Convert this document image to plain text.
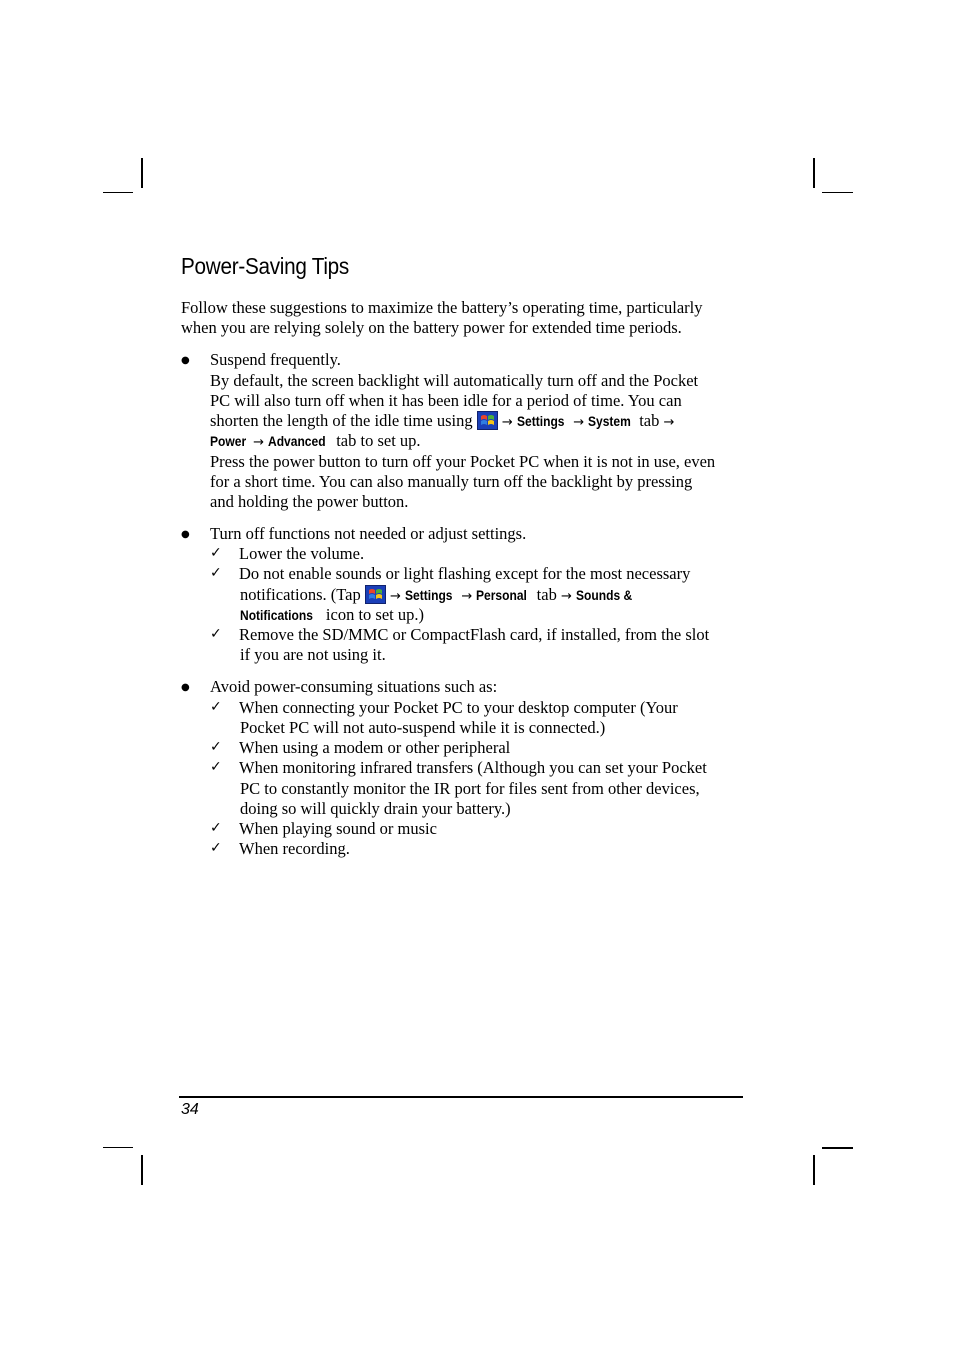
Power-Saving Tips
Follow these suggestions to maximize the battery’s operating time, particularly
when you are relying solely on the battery power for extended time periods.
● Suspend frequently.
By default, the screen backlight will automatically turn off and the Pocket
PC will also turn off when it has been idle for a period of time. You can
shorten the length of the idle time using → Settings → System tab →
Power → Advanced tab to set up.
Press the power button to turn off your Pocket PC when it is not in use, even
for a short time. You can also manually turn off the backlight by pressing
and holding the power button.
● Turn off functions not needed or adjust settings.
✓ Lower the volume.
✓ Do not enable sounds or light flashing except for the most necessary
notifications. (Tap → Settings → Personal tab → Sounds &
Notifications icon to set up.)
✓ Remove the SD/MMC or CompactFlash card, if installed, from the slot
if you are not using it.
● Avoid power-consuming situations such as:
✓ When connecting your Pocket PC to your desktop computer (Your
Pocket PC will not auto-suspend while it is connected.)
✓ When using a modem or other peripheral
✓ When monitoring infrared transfers (Although you can set your Pocket
PC to constantly monitor the IR port for files sent from other devices,
doing so will quickly drain your battery.)
✓ When playing sound or music
✓ When recording.
34
